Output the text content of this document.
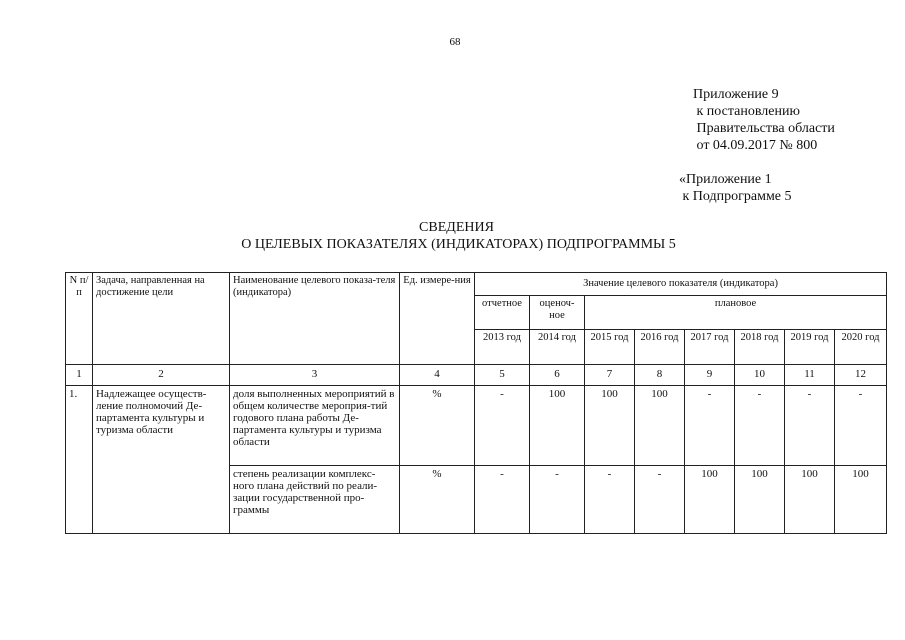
68
Приложение 9
к постановлению
Правительства области
от 04.09.2017 № 800
«Приложение 1
к Подпрограмме 5
СВЕДЕНИЯ
О ЦЕЛЕВЫХ ПОКАЗАТЕЛЯХ (ИНДИКАТОРАХ) ПОДПРОГРАММЫ 5
N п/п	Задача, направленная на достижение цели	Наименование целевого показа-теля (индикатора)	Ед. измере-ния	Значение целевого показателя (индикатора)							
				отчетное	оценоч-ное	плановое					
				2013 год	2014 год	2015 год	2016 год	2017 год	2018 год	2019 год	2020 год
1	2	3	4	5	6	7	8	9	10	11	12
1.	Надлежащее осуществ-ление полномочий Де-партамента культуры и туризма области	доля выполненных мероприятий в общем количестве мероприя-тий годового плана работы Де-партамента культуры и туризма области	%	-	100	100	100	-	-	-	-
		степень реализации комплекс-ного плана действий по реали-зации государственной про-граммы	%	-	-	-	-	100	100	100	100
